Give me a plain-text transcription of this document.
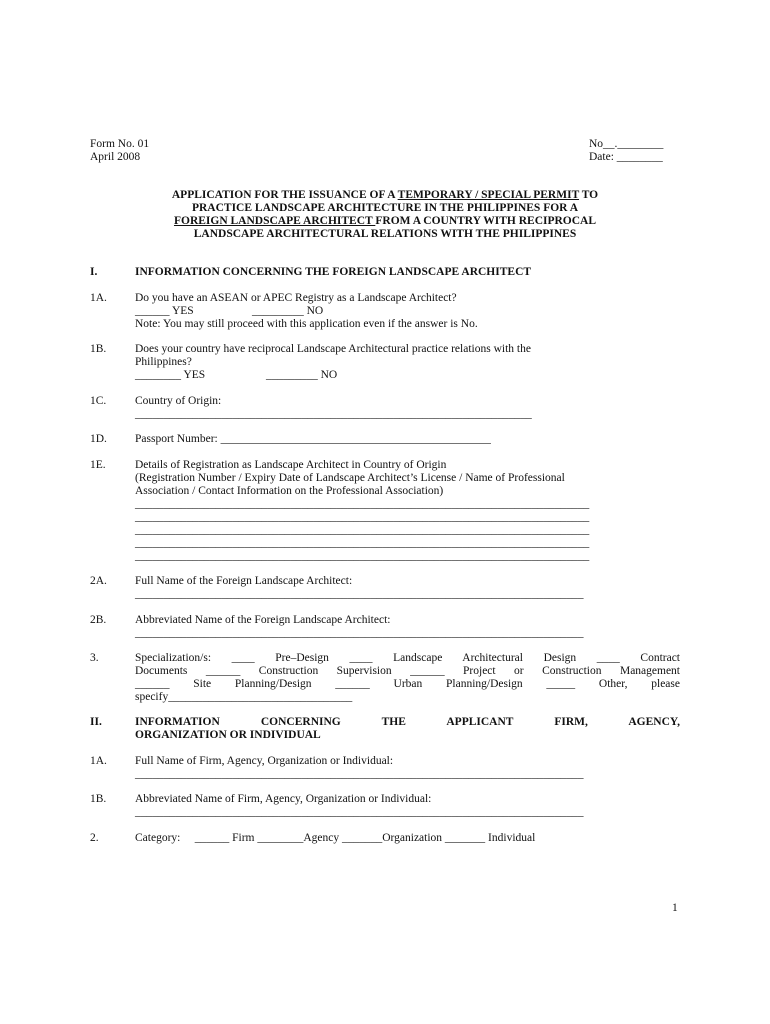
Form No. 01
April 2008
No__.________
Date: ________
APPLICATION FOR THE ISSUANCE OF A TEMPORARY / SPECIAL PERMIT TO
PRACTICE LANDSCAPE ARCHITECTURE IN THE PHILIPPINES FOR A
FOREIGN LANDSCAPE ARCHITECT FROM A COUNTRY WITH RECIPROCAL
LANDSCAPE ARCHITECTURAL RELATIONS WITH THE PHILIPPINES
I.	INFORMATION CONCERNING THE FOREIGN LANDSCAPE ARCHITECT
1A. Do you have an ASEAN or APEC Registry as a Landscape Architect?
______ YES	_________ NO
Note: You may still proceed with this application even if the answer is No.
1B. Does your country have reciprocal Landscape Architectural practice relations with the
Philippines?
________ YES	_________ NO
1C. Country of Origin:
_____________________________________________________________________
1D. Passport Number: _______________________________________________
1E.	Details of Registration as Landscape Architect in Country of Origin
(Registration Number / Expiry Date of Landscape Architect’s License / Name of Professional
Association / Contact Information on the Professional Association)
_______________________________________________________________________________
_______________________________________________________________________________
_______________________________________________________________________________
_______________________________________________________________________________
_______________________________________________________________________________
2A. Full Name of the Foreign Landscape Architect:
______________________________________________________________________________
2B. Abbreviated Name of the Foreign Landscape Architect:
______________________________________________________________________________
3.	Specialization/s: ____ Pre–Design ____ Landscape Architectural Design ____ Contract
Documents ______ Construction Supervision ______ Project or Construction Management
______ Site Planning/Design ______ Urban Planning/Design _____ Other, please
specify________________________________
II.	INFORMATION CONCERNING THE APPLICANT FIRM, AGENCY,
ORGANIZATION OR INDIVIDUAL
1A. Full Name of Firm, Agency, Organization or Individual:
______________________________________________________________________________
1B. Abbreviated Name of Firm, Agency, Organization or Individual:
______________________________________________________________________________
2.	Category:     ______ Firm ________Agency _______Organization _______ Individual
1
